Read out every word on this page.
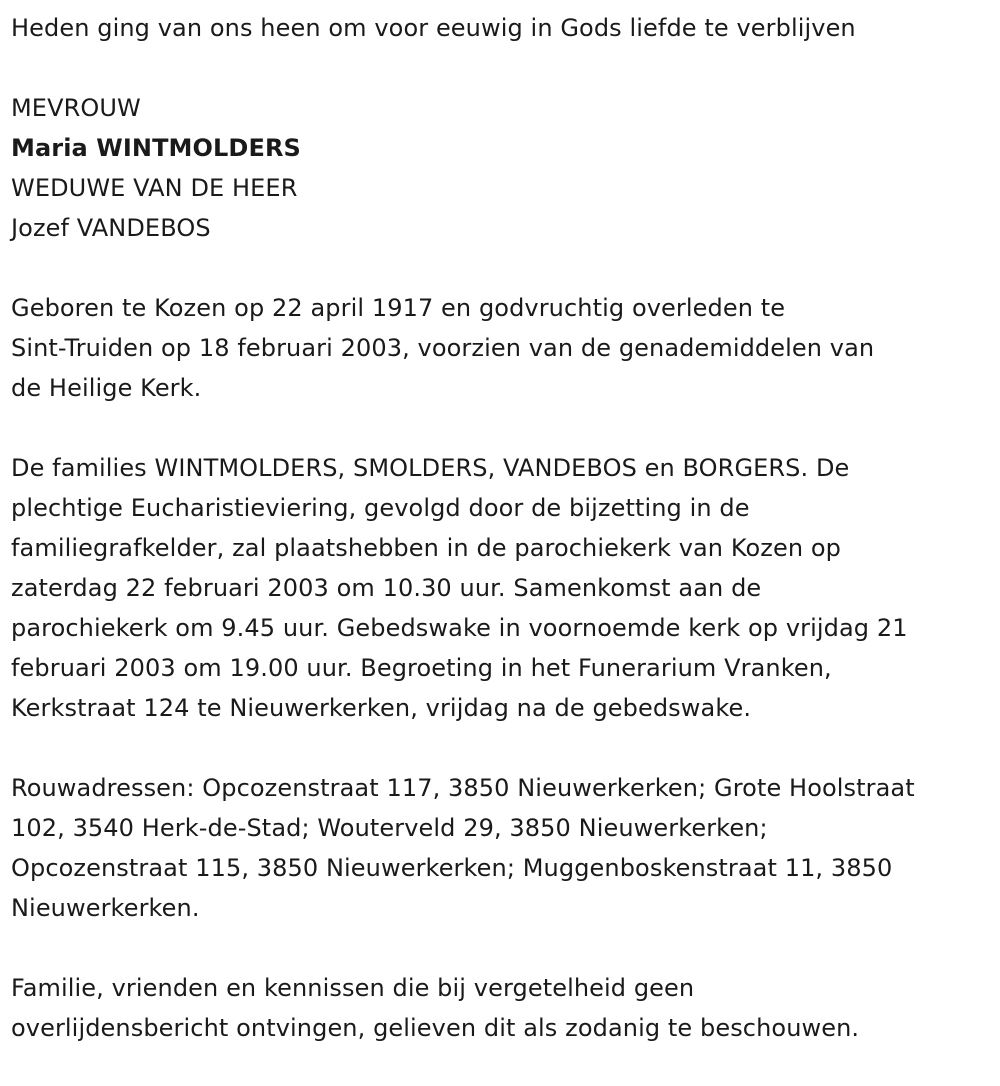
Heden ging van ons heen om voor eeuwig in Gods liefde te verblijven

MEVROUW

Maria WINTMOLDERS

WEDUWE VAN DE HEER

Jozef VANDEBOS

Geboren te Kozen op 22 april 1917 en godvruchtig overleden te
Sint-Truiden op 18 februari 2003, voorzien van de genademiddelen van
de Heilige Kerk.

De families WINTMOLDERS, SMOLDERS, VANDEBOS en BORGERS. De
plechtige Eucharistieviering, gevolgd door de bijzetting in de
familiegrafkelder, zal plaatshebben in de parochiekerk van Kozen op
zaterdag 22 februari 2003 om 10.30 uur. Samenkomst aan de
parochiekerk om 9.45 uur. Gebedswake in voornoemde kerk op vrijdag 21
februari 2003 om 19.00 uur. Begroeting in het Funerarium Vranken,
Kerkstraat 124 te Nieuwerkerken, vrijdag na de gebedswake.

Rouwadressen: Opcozenstraat 117, 3850 Nieuwerkerken; Grote Hoolstraat
102, 3540 Herk-de-Stad; Wouterveld 29, 3850 Nieuwerkerken;
Opcozenstraat 115, 3850 Nieuwerkerken; Muggenboskenstraat 11, 3850
Nieuwerkerken.

Familie, vrienden en kennissen die bij vergetelheid geen
overlijdensbericht ontvingen, gelieven dit als zodanig te beschouwen.
